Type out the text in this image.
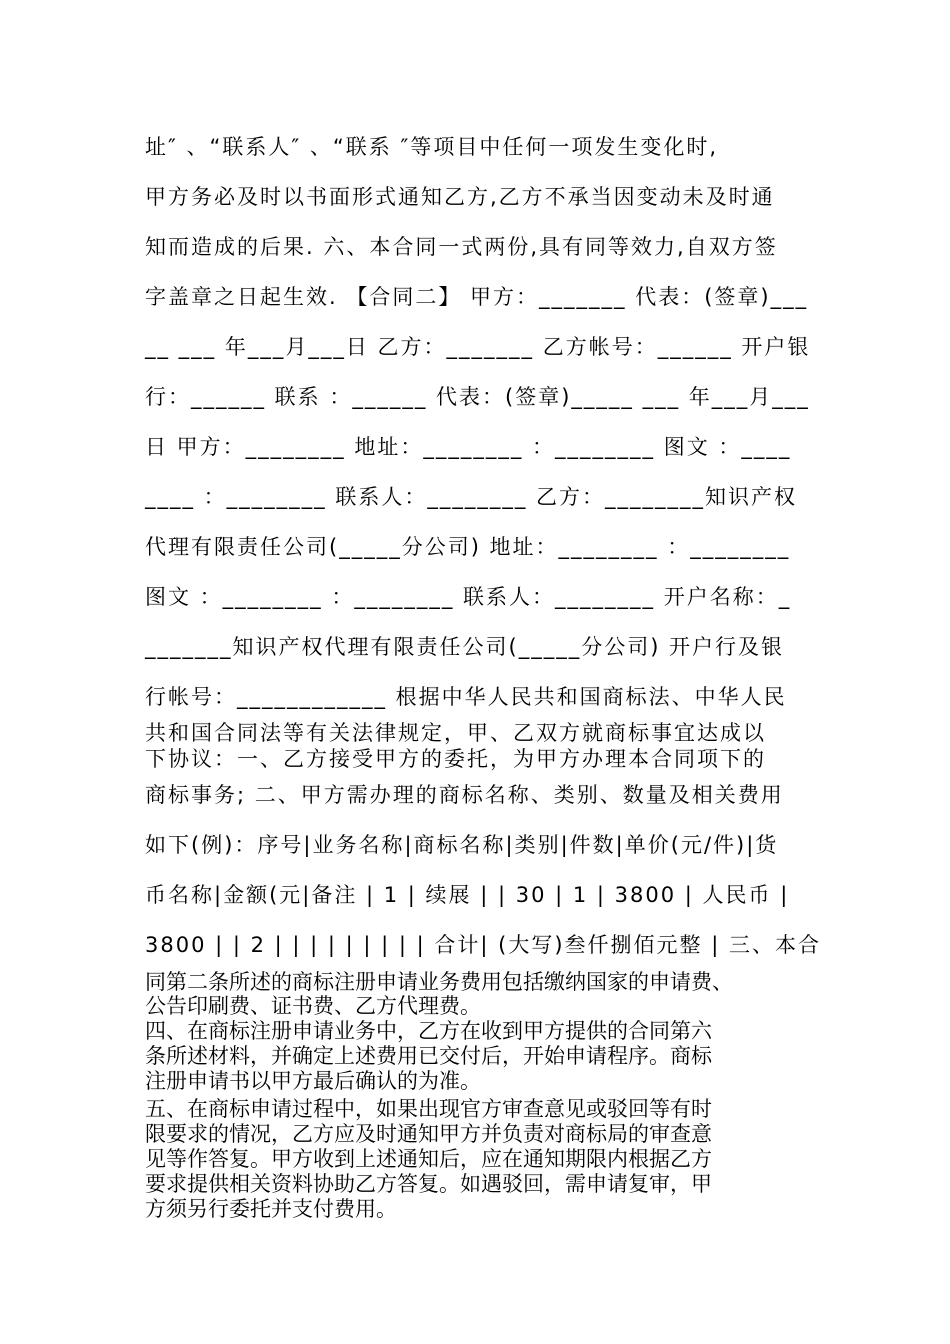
址″ 、“联系人″ 、“联系 ″等项目中任何一项发生变化时,
甲方务必及时以书面形式通知乙方,乙方不承当因变动未及时通
知而造成的后果. 六、本合同一式两份,具有同等效力,自双方签
字盖章之日起生效. 【合同二】 甲方：_______ 代表：(签章)___
__ ___ 年___月___日 乙方：_______ 乙方帐号：______ 开户银
行：______ 联系 ：______ 代表：(签章)_____ ___ 年___月___
日 甲方：________ 地址：________ ：________ 图文 ：____
____ ：________ 联系人：________ 乙方：________知识产权
代理有限责任公司(_____分公司) 地址：________ ：________
图文 ：________ ：________ 联系人：________ 开户名称：_
_______知识产权代理有限责任公司(_____分公司) 开户行及银
行帐号：____________ 根据中华人民共和国商标法、中华人民
共和国合同法等有关法律规定，甲、乙双方就商标事宜达成以
下协议：一、乙方接受甲方的委托，为甲方办理本合同项下的
商标事务; 二、甲方需办理的商标名称、类别、数量及相关费用
如下(例)：序号|业务名称|商标名称|类别|件数|单价(元/件)|货
币名称|金额(元|备注 | 1 | 续展 | | 30 | 1 | 3800 | 人民币 |
3800 | | 2 | | | | | | | | | 合计| (大写)叁仟捌佰元整 | 三、本合
同第二条所述的商标注册申请业务费用包括缴纳国家的申请费、
公告印刷费、证书费、乙方代理费。
四、在商标注册申请业务中，乙方在收到甲方提供的合同第六
条所述材料，并确定上述费用已交付后，开始申请程序。商标
注册申请书以甲方最后确认的为准。
五、在商标申请过程中，如果出现官方审查意见或驳回等有时
限要求的情况，乙方应及时通知甲方并负责对商标局的审查意
见等作答复。甲方收到上述通知后，应在通知期限内根据乙方
要求提供相关资料协助乙方答复。如遇驳回，需申请复审，甲
方须另行委托并支付费用。
